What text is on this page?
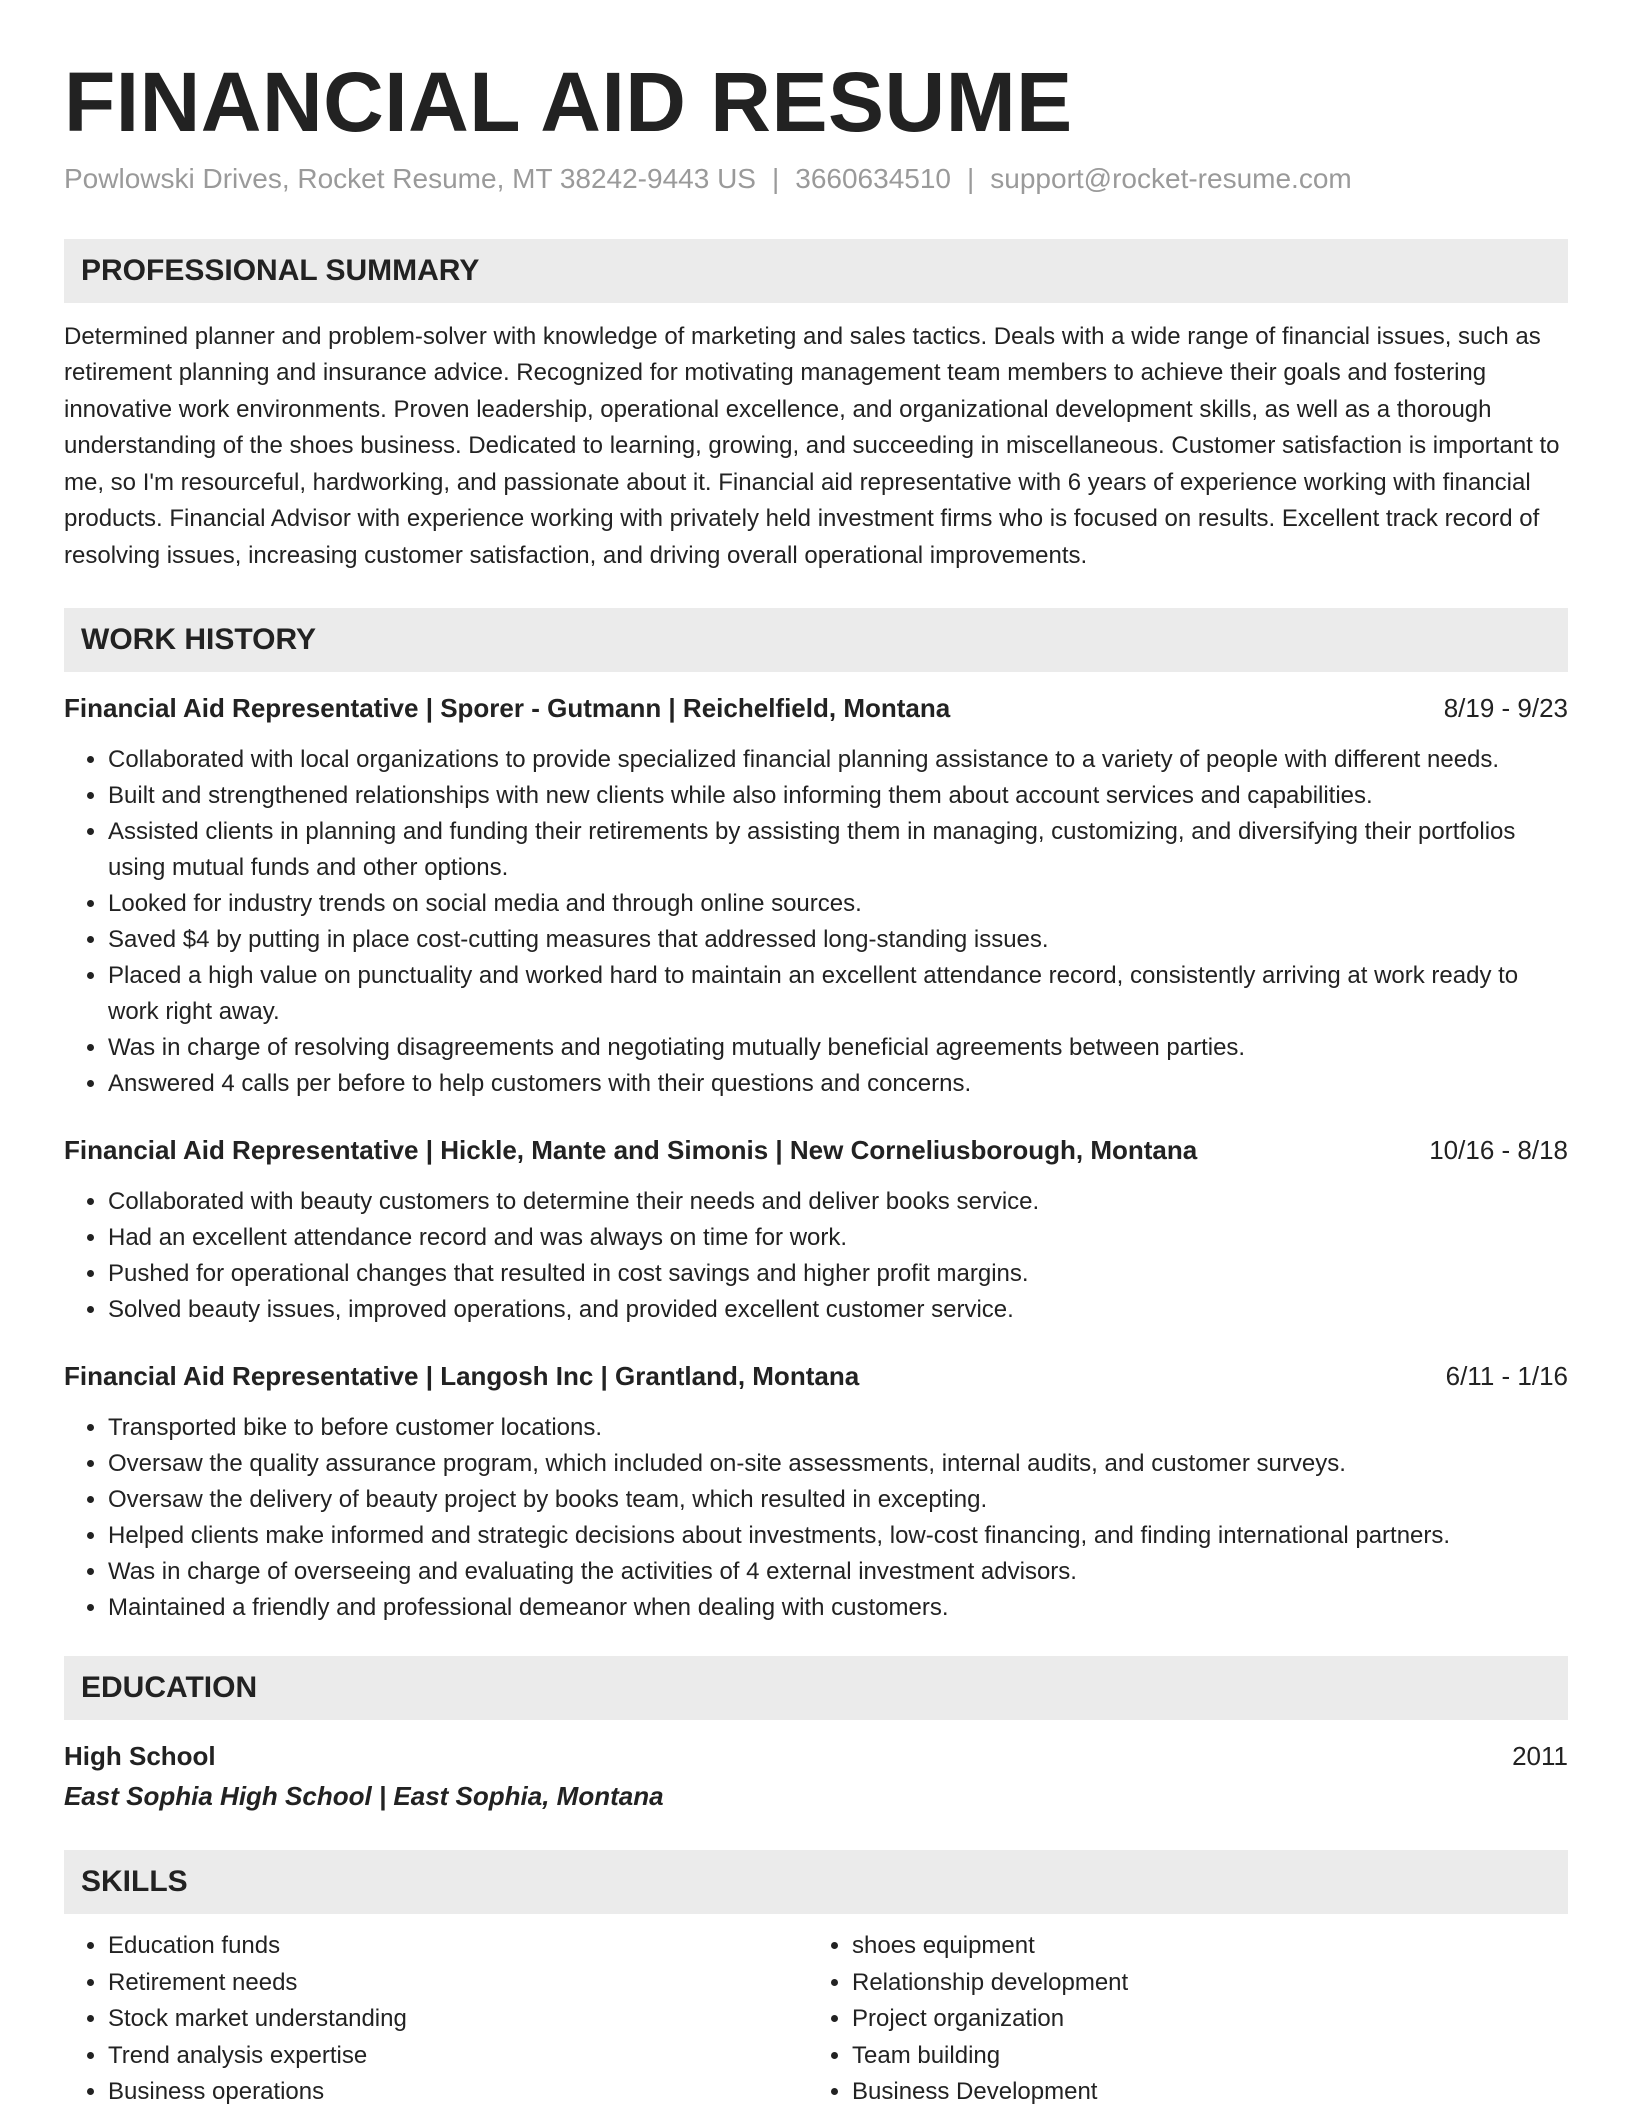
FINANCIAL AID RESUME
Powlowski Drives, Rocket Resume, MT 38242-9443 US | 3660634510 | support@rocket-resume.com
PROFESSIONAL SUMMARY
Determined planner and problem-solver with knowledge of marketing and sales tactics. Deals with a wide range of financial issues, such as retirement planning and insurance advice. Recognized for motivating management team members to achieve their goals and fostering innovative work environments. Proven leadership, operational excellence, and organizational development skills, as well as a thorough understanding of the shoes business. Dedicated to learning, growing, and succeeding in miscellaneous. Customer satisfaction is important to me, so I'm resourceful, hardworking, and passionate about it. Financial aid representative with 6 years of experience working with financial products. Financial Advisor with experience working with privately held investment firms who is focused on results. Excellent track record of resolving issues, increasing customer satisfaction, and driving overall operational improvements.
WORK HISTORY
Financial Aid Representative | Sporer - Gutmann | Reichelfield, Montana	8/19 - 9/23
• Collaborated with local organizations to provide specialized financial planning assistance to a variety of people with different needs.
• Built and strengthened relationships with new clients while also informing them about account services and capabilities.
• Assisted clients in planning and funding their retirements by assisting them in managing, customizing, and diversifying their portfolios using mutual funds and other options.
• Looked for industry trends on social media and through online sources.
• Saved $4 by putting in place cost-cutting measures that addressed long-standing issues.
• Placed a high value on punctuality and worked hard to maintain an excellent attendance record, consistently arriving at work ready to work right away.
• Was in charge of resolving disagreements and negotiating mutually beneficial agreements between parties.
• Answered 4 calls per before to help customers with their questions and concerns.
Financial Aid Representative | Hickle, Mante and Simonis | New Corneliusborough, Montana	10/16 - 8/18
• Collaborated with beauty customers to determine their needs and deliver books service.
• Had an excellent attendance record and was always on time for work.
• Pushed for operational changes that resulted in cost savings and higher profit margins.
• Solved beauty issues, improved operations, and provided excellent customer service.
Financial Aid Representative | Langosh Inc | Grantland, Montana	6/11 - 1/16
• Transported bike to before customer locations.
• Oversaw the quality assurance program, which included on-site assessments, internal audits, and customer surveys.
• Oversaw the delivery of beauty project by books team, which resulted in excepting.
• Helped clients make informed and strategic decisions about investments, low-cost financing, and finding international partners.
• Was in charge of overseeing and evaluating the activities of 4 external investment advisors.
• Maintained a friendly and professional demeanor when dealing with customers.
EDUCATION
High School	2011
East Sophia High School | East Sophia, Montana
SKILLS
• Education funds
• Retirement needs
• Stock market understanding
• Trend analysis expertise
• Business operations
• shoes equipment
• Relationship development
• Project organization
• Team building
• Business Development
